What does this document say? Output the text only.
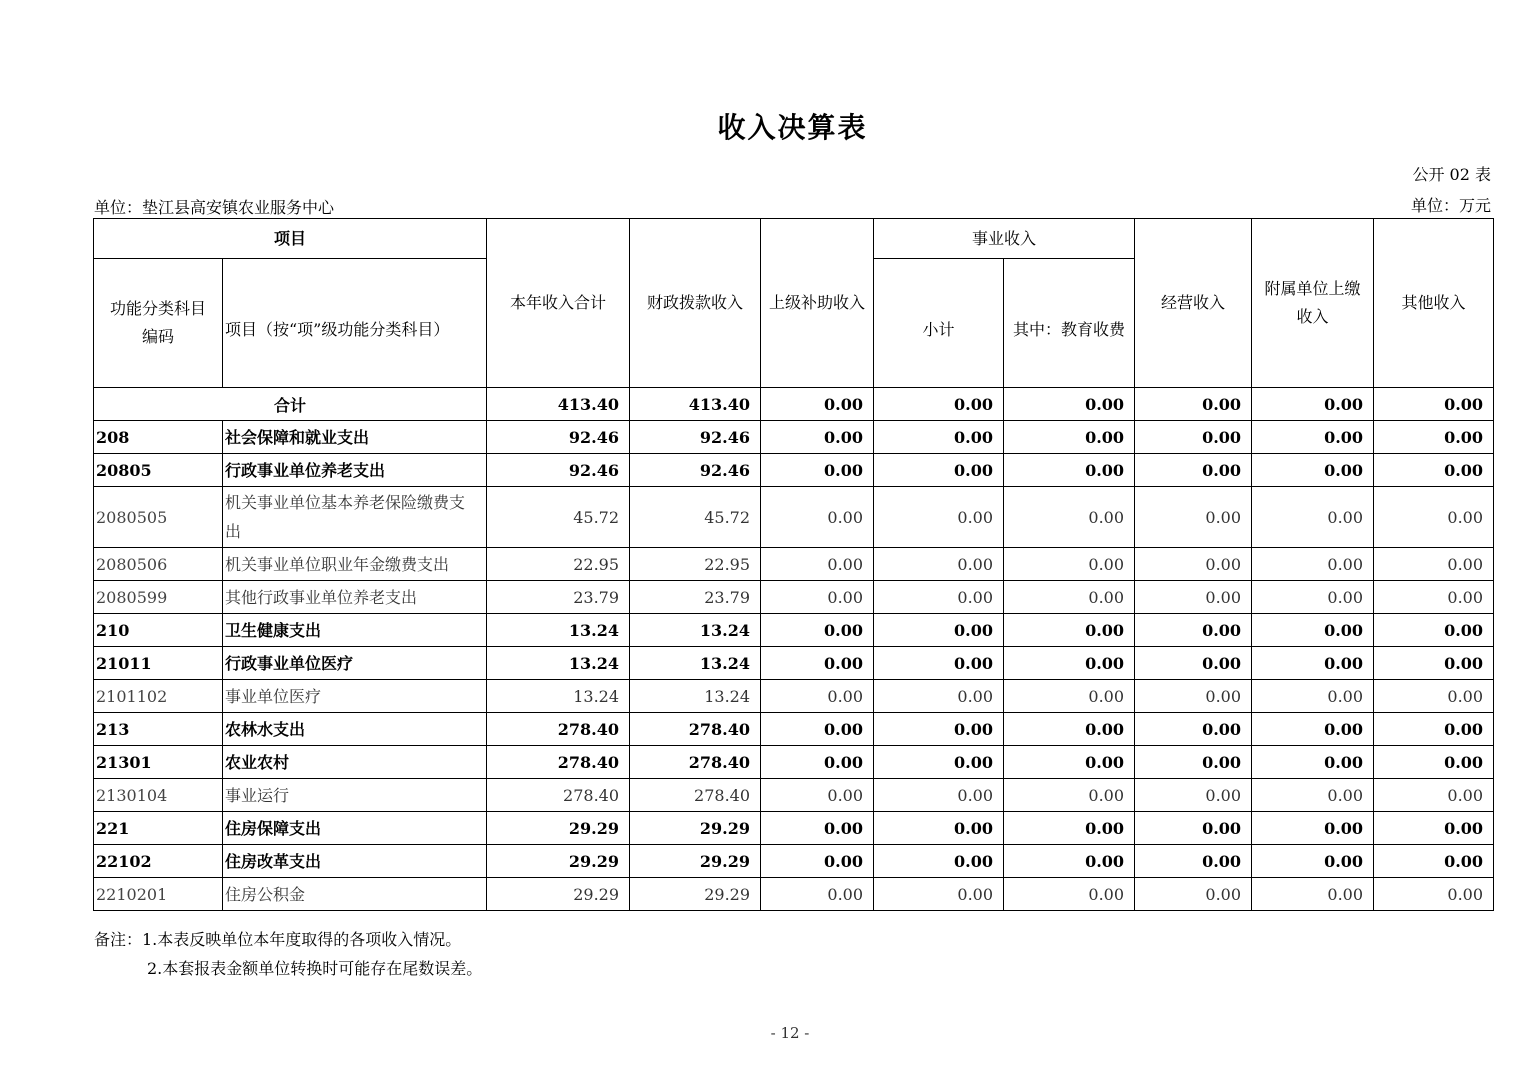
收入决算表
公开 02 表
单位：垫江县高安镇农业服务中心	单位：万元
项目		本年收入合计	财政拨款收入	上级补助收入	事业收入		经营收入	附属单位上缴收入	其他收入
功能分类科目编码	项目（按“项”级功能分类科目）				小计	其中：教育收费			
合计		413.40	413.40	0.00	0.00	0.00	0.00	0.00	0.00
208	社会保障和就业支出	92.46	92.46	0.00	0.00	0.00	0.00	0.00	0.00
20805	行政事业单位养老支出	92.46	92.46	0.00	0.00	0.00	0.00	0.00	0.00
2080505	机关事业单位基本养老保险缴费支出	45.72	45.72	0.00	0.00	0.00	0.00	0.00	0.00
2080506	机关事业单位职业年金缴费支出	22.95	22.95	0.00	0.00	0.00	0.00	0.00	0.00
2080599	其他行政事业单位养老支出	23.79	23.79	0.00	0.00	0.00	0.00	0.00	0.00
210	卫生健康支出	13.24	13.24	0.00	0.00	0.00	0.00	0.00	0.00
21011	行政事业单位医疗	13.24	13.24	0.00	0.00	0.00	0.00	0.00	0.00
2101102	事业单位医疗	13.24	13.24	0.00	0.00	0.00	0.00	0.00	0.00
213	农林水支出	278.40	278.40	0.00	0.00	0.00	0.00	0.00	0.00
21301	农业农村	278.40	278.40	0.00	0.00	0.00	0.00	0.00	0.00
2130104	事业运行	278.40	278.40	0.00	0.00	0.00	0.00	0.00	0.00
221	住房保障支出	29.29	29.29	0.00	0.00	0.00	0.00	0.00	0.00
22102	住房改革支出	29.29	29.29	0.00	0.00	0.00	0.00	0.00	0.00
2210201	住房公积金	29.29	29.29	0.00	0.00	0.00	0.00	0.00	0.00
备注：1.本表反映单位本年度取得的各项收入情况。
2.本套报表金额单位转换时可能存在尾数误差。
- 12 -
